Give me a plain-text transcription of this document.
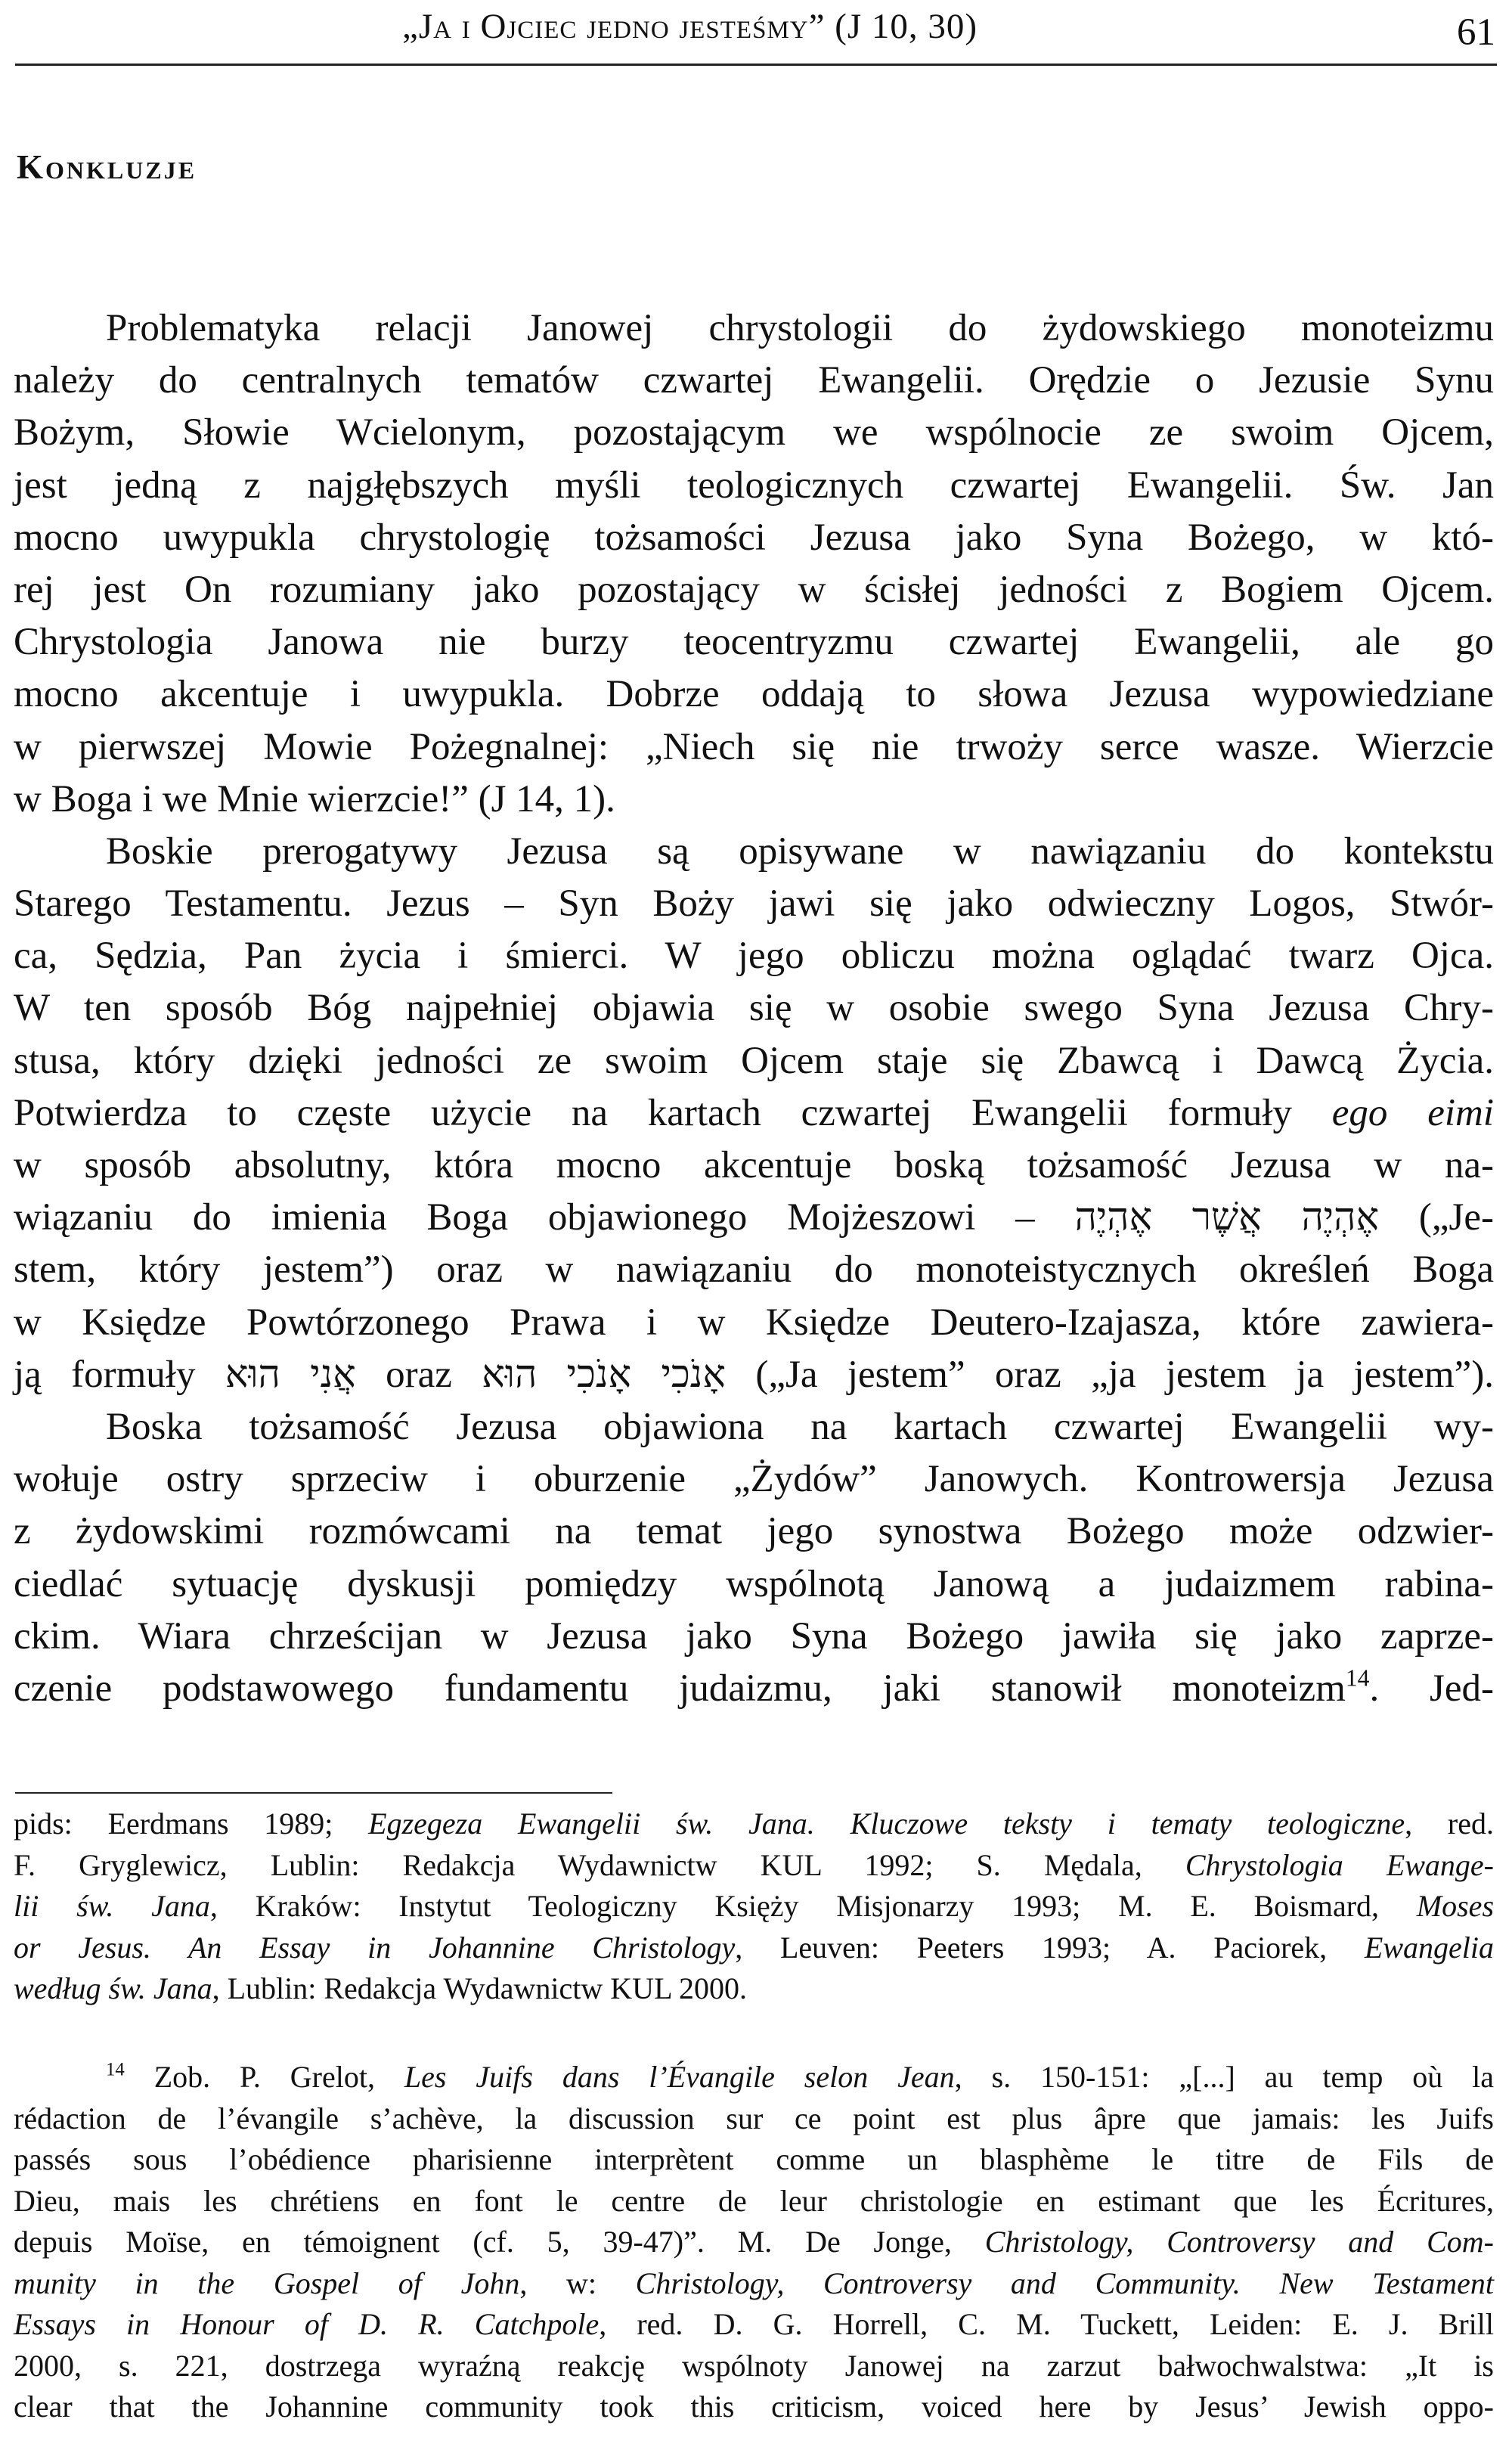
„Ja i Ojciec jedno jesteśmy” (J 10, 30)	61
Konkluzje
Problematyka relacji Janowej chrystologii do żydowskiego monoteizmu
należy do centralnych tematów czwartej Ewangelii. Orędzie o Jezusie Synu
Bożym, Słowie Wcielonym, pozostającym we wspólnocie ze swoim Ojcem,
jest jedną z najgłębszych myśli teologicznych czwartej Ewangelii. Św. Jan
mocno uwypukla chrystologię tożsamości Jezusa jako Syna Bożego, w któ-
rej jest On rozumiany jako pozostający w ścisłej jedności z Bogiem Ojcem.
Chrystologia Janowa nie burzy teocentryzmu czwartej Ewangelii, ale go
mocno akcentuje i uwypukla. Dobrze oddają to słowa Jezusa wypowiedziane
w pierwszej Mowie Pożegnalnej: „Niech się nie trwoży serce wasze. Wierzcie
w Boga i we Mnie wierzcie!” (J 14, 1).
Boskie prerogatywy Jezusa są opisywane w nawiązaniu do kontekstu
Starego Testamentu. Jezus – Syn Boży jawi się jako odwieczny Logos, Stwór-
ca, Sędzia, Pan życia i śmierci. W jego obliczu można oglądać twarz Ojca.
W ten sposób Bóg najpełniej objawia się w osobie swego Syna Jezusa Chry-
stusa, który dzięki jedności ze swoim Ojcem staje się Zbawcą i Dawcą Życia.
Potwierdza to częste użycie na kartach czwartej Ewangelii formuły ego eimi
w sposób absolutny, która mocno akcentuje boską tożsamość Jezusa w na-
wiązaniu do imienia Boga objawionego Mojżeszowi – אֶהְיֶה אֲשֶׁר אֶהְיֶה („Je-
stem, który jestem”) oraz w nawiązaniu do monoteistycznych określeń Boga
w Księdze Powtórzonego Prawa i w Księdze Deutero-Izajasza, które zawiera-
ją formuły אֲנִי הוּא oraz אָנֹכִי אָנֹכִי הוּא („Ja jestem” oraz „ja jestem ja jestem”).
Boska tożsamość Jezusa objawiona na kartach czwartej Ewangelii wy-
wołuje ostry sprzeciw i oburzenie „Żydów” Janowych. Kontrowersja Jezusa
z żydowskimi rozmówcami na temat jego synostwa Bożego może odzwier-
ciedlać sytuację dyskusji pomiędzy wspólnotą Janową a judaizmem rabina-
ckim. Wiara chrześcijan w Jezusa jako Syna Bożego jawiła się jako zaprze-
czenie podstawowego fundamentu judaizmu, jaki stanowił monoteizm$^{14}$. Jed-
pids: Eerdmans 1989; Egzegeza Ewangelii św. Jana. Kluczowe teksty i tematy teologiczne, red.
F. Gryglewicz, Lublin: Redakcja Wydawnictw KUL 1992; S. Mędala, Chrystologia Ewange-
lii św. Jana, Kraków: Instytut Teologiczny Księży Misjonarzy 1993; M. E. Boismard, Moses
or Jesus. An Essay in Johannine Christology, Leuven: Peeters 1993; A. Paciorek, Ewangelia
według św. Jana, Lublin: Redakcja Wydawnictw KUL 2000.
$^{14}$ Zob. P. Grelot, Les Juifs dans l’Évangile selon Jean, s. 150-151: „[...] au temp où la
rédaction de l’évangile s’achève, la discussion sur ce point est plus âpre que jamais: les Juifs
passés sous l’obédience pharisienne interprètent comme un blasphème le titre de Fils de
Dieu, mais les chrétiens en font le centre de leur christologie en estimant que les Écritures,
depuis Moïse, en témoignent (cf. 5, 39-47)”. M. De Jonge, Christology, Controversy and Com-
munity in the Gospel of John, w: Christology, Controversy and Community. New Testament
Essays in Honour of D. R. Catchpole, red. D. G. Horrell, C. M. Tuckett, Leiden: E. J. Brill
2000, s. 221, dostrzega wyraźną reakcję wspólnoty Janowej na zarzut bałwochwalstwa: „It is
clear that the Johannine community took this criticism, voiced here by Jesus’ Jewish oppo-
